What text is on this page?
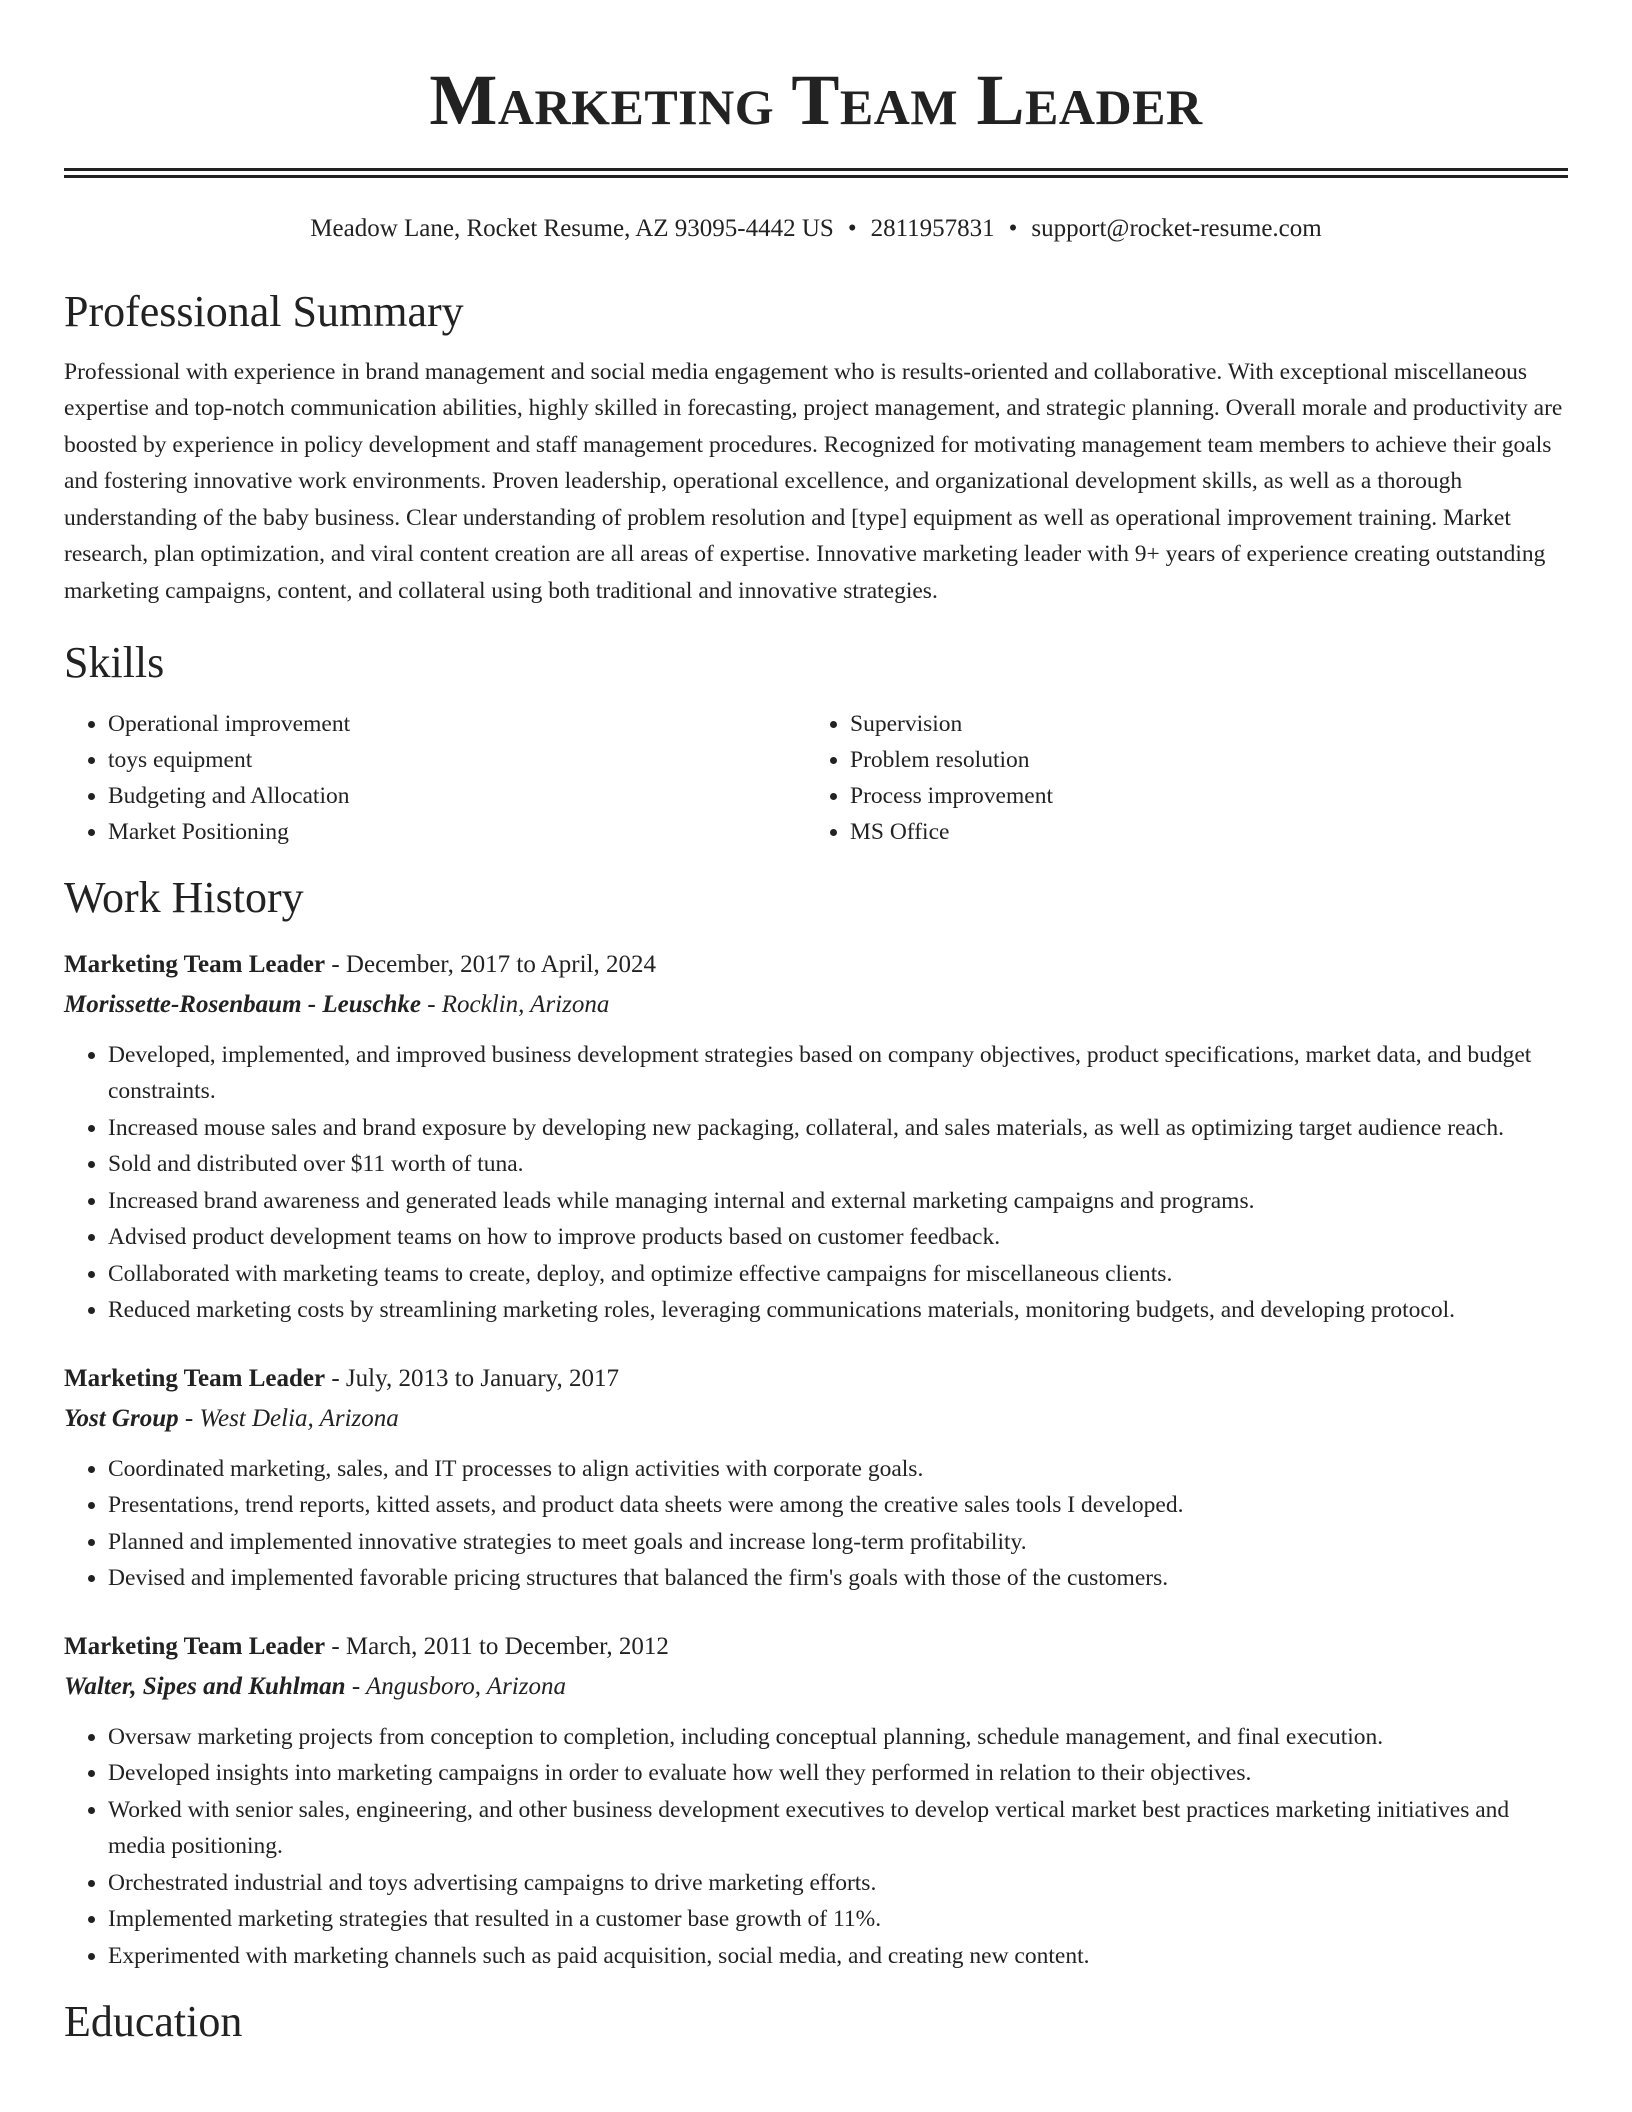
Marketing Team Leader
Meadow Lane, Rocket Resume, AZ 93095-4442 US • 2811957831 • support@rocket-resume.com
Professional Summary

Professional with experience in brand management and social media engagement who is results-oriented and collaborative. With exceptional miscellaneous expertise and top-notch communication abilities, highly skilled in forecasting, project management, and strategic planning. Overall morale and productivity are boosted by experience in policy development and staff management procedures. Recognized for motivating management team members to achieve their goals and fostering innovative work environments. Proven leadership, operational excellence, and organizational development skills, as well as a thorough understanding of the baby business. Clear understanding of problem resolution and [type] equipment as well as operational improvement training. Market research, plan optimization, and viral content creation are all areas of expertise. Innovative marketing leader with 9+ years of experience creating outstanding marketing campaigns, content, and collateral using both traditional and innovative strategies.

Skills
• Operational improvement
• toys equipment
• Budgeting and Allocation
• Market Positioning
• Supervision
• Problem resolution
• Process improvement
• MS Office
Work History
Marketing Team Leader - December, 2017 to April, 2024
Morissette-Rosenbaum - Leuschke - Rocklin, Arizona
• Developed, implemented, and improved business development strategies based on company objectives, product specifications, market data, and budget constraints.
• Increased mouse sales and brand exposure by developing new packaging, collateral, and sales materials, as well as optimizing target audience reach.
• Sold and distributed over $11 worth of tuna.
• Increased brand awareness and generated leads while managing internal and external marketing campaigns and programs.
• Advised product development teams on how to improve products based on customer feedback.
• Collaborated with marketing teams to create, deploy, and optimize effective campaigns for miscellaneous clients.
• Reduced marketing costs by streamlining marketing roles, leveraging communications materials, monitoring budgets, and developing protocol.
Marketing Team Leader - July, 2013 to January, 2017
Yost Group - West Delia, Arizona
• Coordinated marketing, sales, and IT processes to align activities with corporate goals.
• Presentations, trend reports, kitted assets, and product data sheets were among the creative sales tools I developed.
• Planned and implemented innovative strategies to meet goals and increase long-term profitability.
• Devised and implemented favorable pricing structures that balanced the firm's goals with those of the customers.
Marketing Team Leader - March, 2011 to December, 2012
Walter, Sipes and Kuhlman - Angusboro, Arizona
• Oversaw marketing projects from conception to completion, including conceptual planning, schedule management, and final execution.
• Developed insights into marketing campaigns in order to evaluate how well they performed in relation to their objectives.
• Worked with senior sales, engineering, and other business development executives to develop vertical market best practices marketing initiatives and media positioning.
• Orchestrated industrial and toys advertising campaigns to drive marketing efforts.
• Implemented marketing strategies that resulted in a customer base growth of 11%.
• Experimented with marketing channels such as paid acquisition, social media, and creating new content.
Education
